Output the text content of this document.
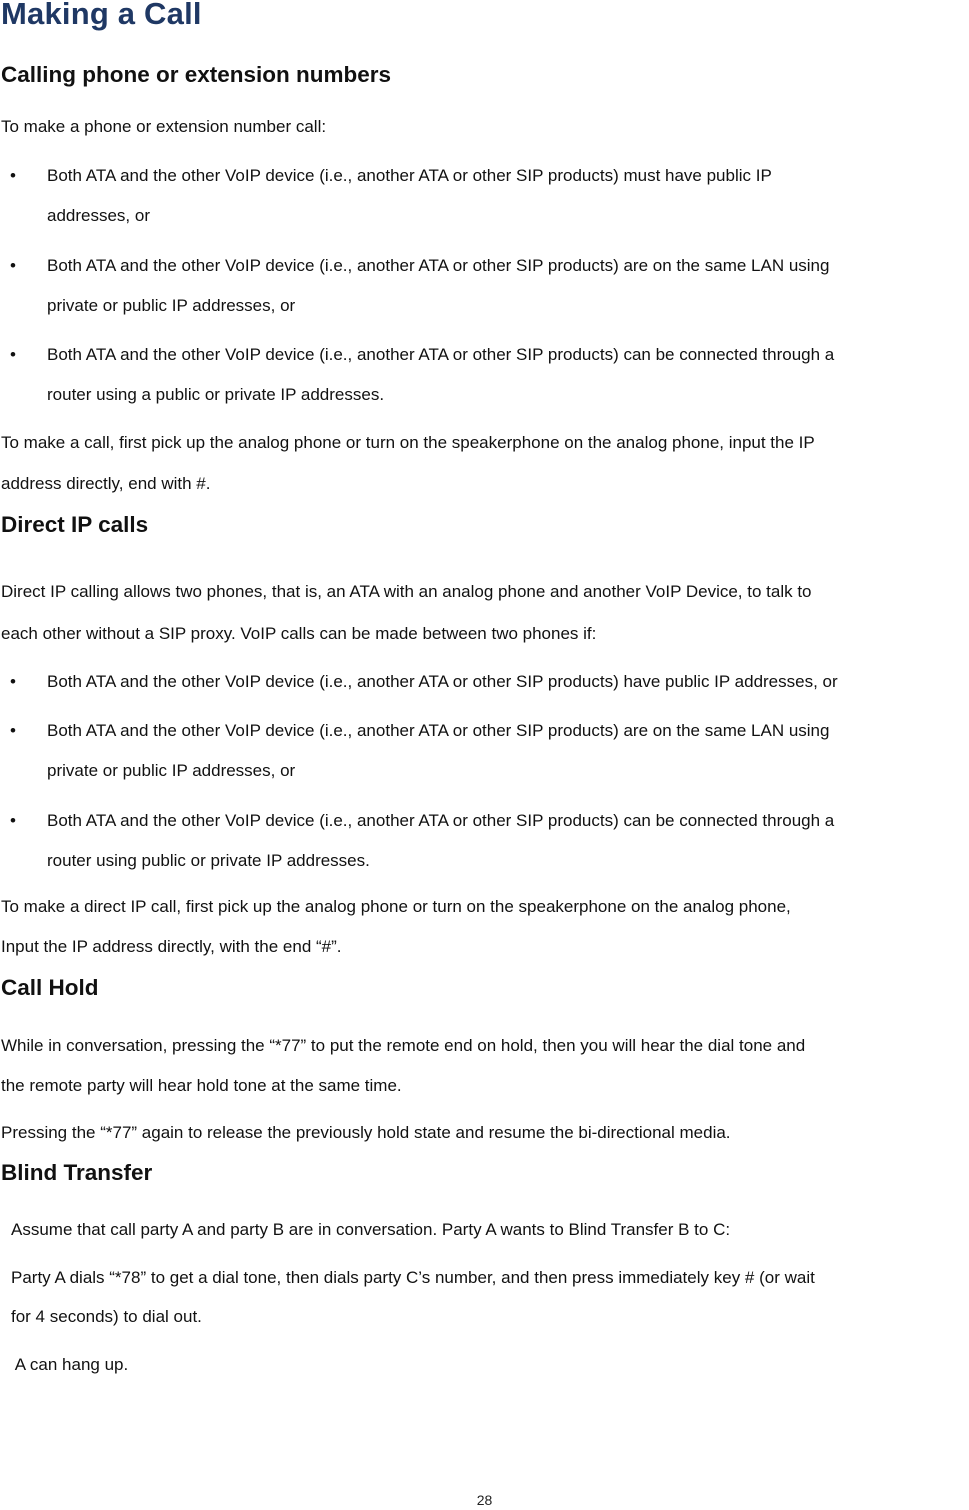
Making a Call
Calling phone or extension numbers

To make a phone or extension number call:

• Both ATA and the other VoIP device (i.e., another ATA or other SIP products) must have public IP

addresses, or

• Both ATA and the other VoIP device (i.e., another ATA or other SIP products) are on the same LAN using

private or public IP addresses, or

• Both ATA and the other VoIP device (i.e., another ATA or other SIP products) can be connected through a

router using a public or private IP addresses.

To make a call, first pick up the analog phone or turn on the speakerphone on the analog phone, input the IP

address directly, end with #.

Direct IP calls

Direct IP calling allows two phones, that is, an ATA with an analog phone and another VoIP Device, to talk to

each other without a SIP proxy. VoIP calls can be made between two phones if:

• Both ATA and the other VoIP device (i.e., another ATA or other SIP products) have public IP addresses, or

• Both ATA and the other VoIP device (i.e., another ATA or other SIP products) are on the same LAN using

private or public IP addresses, or

• Both ATA and the other VoIP device (i.e., another ATA or other SIP products) can be connected through a

router using public or private IP addresses.

To make a direct IP call, first pick up the analog phone or turn on the speakerphone on the analog phone,

Input the IP address directly, with the end “#”.

Call Hold

While in conversation, pressing the “*77” to put the remote end on hold, then you will hear the dial tone and

the remote party will hear hold tone at the same time.

Pressing the “*77” again to release the previously hold state and resume the bi-directional media.

Blind Transfer

Assume that call party A and party B are in conversation. Party A wants to Blind Transfer B to C:

Party A dials “*78” to get a dial tone, then dials party C’s number, and then press immediately key # (or wait

for 4 seconds) to dial out.

A can hang up.

28
